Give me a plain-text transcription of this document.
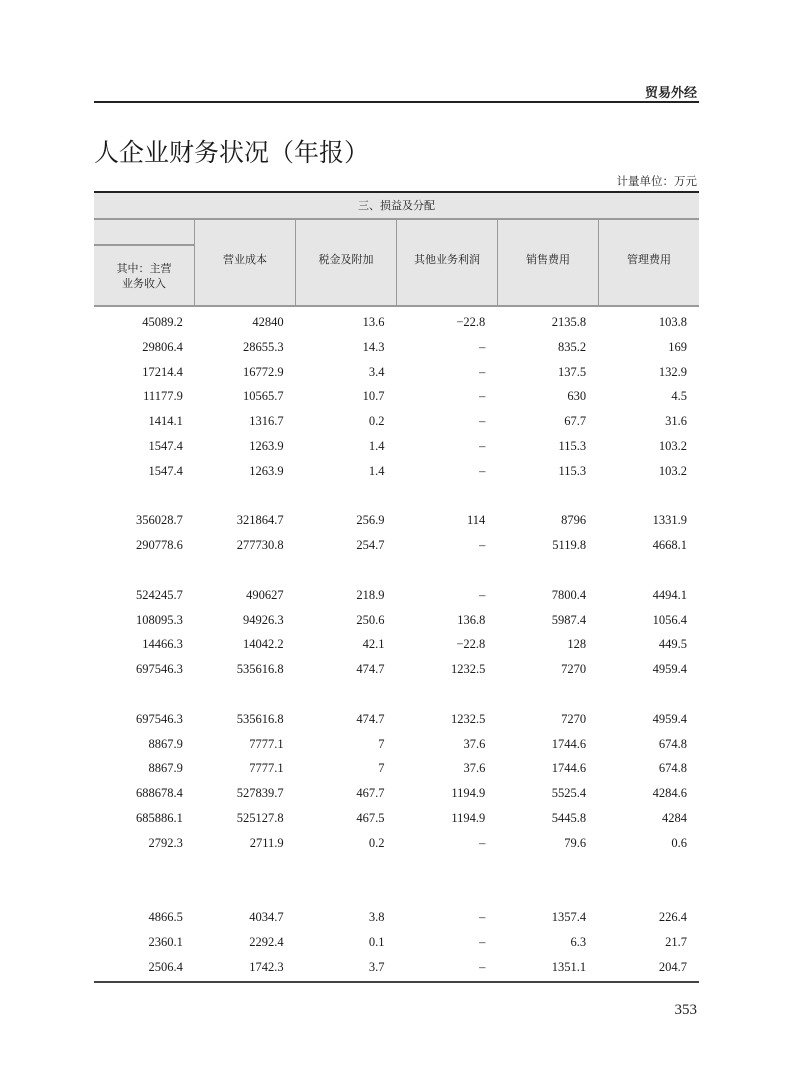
贸易外经
人企业财务状况（年报）
计量单位：万元
三、损益及分配
其中：主营
业务收入
营业成本	税金及附加	其他业务利润	销售费用	管理费用
45089.2	42840	13.6	−22.8	2135.8	103.8
29806.4	28655.3	14.3	–	835.2	169
17214.4	16772.9	3.4	–	137.5	132.9
11177.9	10565.7	10.7	–	630	4.5
1414.1	1316.7	0.2	–	67.7	31.6
1547.4	1263.9	1.4	–	115.3	103.2
1547.4	1263.9	1.4	–	115.3	103.2
356028.7	321864.7	256.9	114	8796	1331.9
290778.6	277730.8	254.7	–	5119.8	4668.1
524245.7	490627	218.9	–	7800.4	4494.1
108095.3	94926.3	250.6	136.8	5987.4	1056.4
14466.3	14042.2	42.1	−22.8	128	449.5
697546.3	535616.8	474.7	1232.5	7270	4959.4
697546.3	535616.8	474.7	1232.5	7270	4959.4
8867.9	7777.1	7	37.6	1744.6	674.8
8867.9	7777.1	7	37.6	1744.6	674.8
688678.4	527839.7	467.7	1194.9	5525.4	4284.6
685886.1	525127.8	467.5	1194.9	5445.8	4284
2792.3	2711.9	0.2	–	79.6	0.6
4866.5	4034.7	3.8	–	1357.4	226.4
2360.1	2292.4	0.1	–	6.3	21.7
2506.4	1742.3	3.7	–	1351.1	204.7
353
